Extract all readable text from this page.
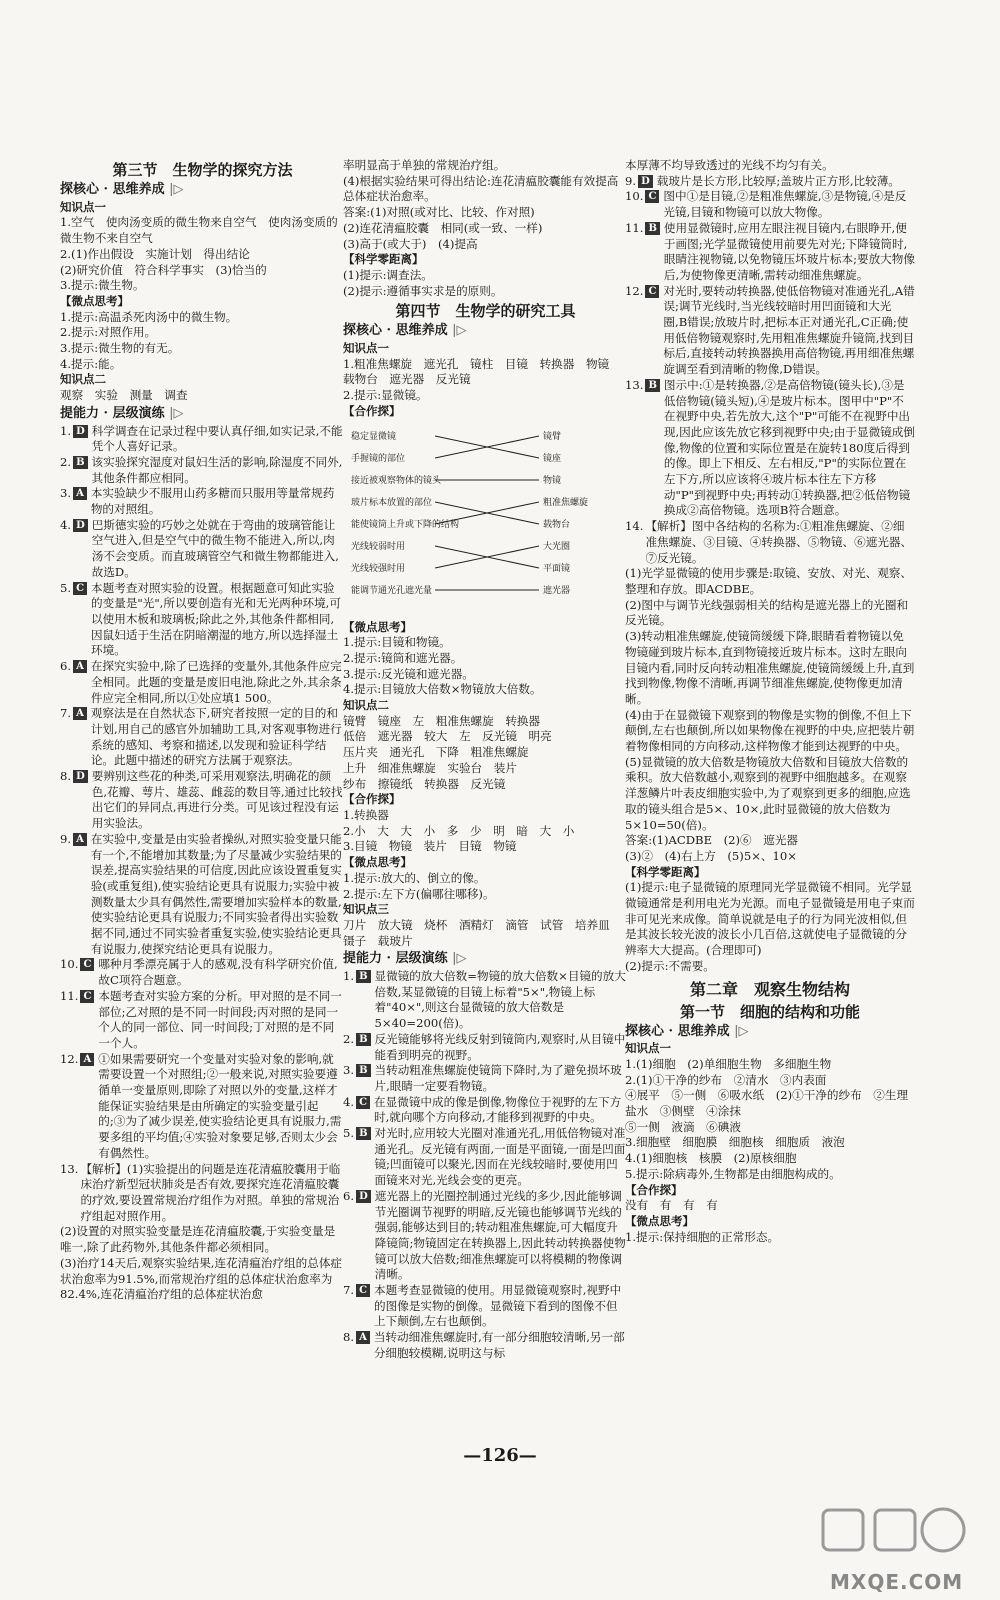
第三节　生物学的探究方法
探核心 · 思维养成 |▷
知识点一
1.空气　使肉汤变质的微生物来自空气　使肉汤变质的微生物不来自空气
2.(1)作出假设　实施计划　得出结论
(2)研究价值　符合科学事实　(3)恰当的
3.提示:微生物。
【微点思考】
1.提示:高温杀死肉汤中的微生物。
2.提示:对照作用。
3.提示:微生物的有无。
4.提示:能。
知识点二
观察　实验　测量　调查
提能力 · 层级演练 |▷
1. D 科学调查在记录过程中要认真仔细,如实记录,不能凭个人喜好记录。
2. B 该实验探究湿度对鼠妇生活的影响,除湿度不同外,其他条件都应相同。
3. A 本实验缺少不服用山药多糖而只服用等量常规药物的对照组。
4. D 巴斯德实验的巧妙之处就在于弯曲的玻璃管能让空气进入,但是空气中的微生物不能进入,所以,肉汤不会变质。而直玻璃管空气和微生物都能进入,故选D。
5. C 本题考查对照实验的设置。根据题意可知此实验的变量是"光",所以要创造有光和无光两种环境,可以使用木板和玻璃板;除此之外,其他条件都相同,因鼠妇适于生活在阴暗潮湿的地方,所以选择湿土环境。
6. A 在探究实验中,除了已选择的变量外,其他条件应完全相同。此题的变量是废旧电池,除此之外,其余条件应完全相同,所以①处应填1 500。
7. A 观察法是在自然状态下,研究者按照一定的目的和计划,用自己的感官外加辅助工具,对客观事物进行系统的感知、考察和描述,以发现和验证科学结论。此题中描述的研究方法属于观察法。
8. D 要辨别这些花的种类,可采用观察法,明确花的颜色,花瓣、萼片、雄蕊、雌蕊的数目等,通过比较找出它们的异同点,再进行分类。可见该过程没有运用实验法。
9. A 在实验中,变量是由实验者操纵,对照实验变量只能有一个,不能增加其数量;为了尽量减少实验结果的误差,提高实验结果的可信度,因此应该设置重复实验(或重复组),使实验结论更具有说服力;实验中被测数量太少具有偶然性,需要增加实验样本的数量,使实验结论更具有说服力;不同实验者得出实验数据不同,通过不同实验者重复实验,使实验结论更具有说服力,使探究结论更具有说服力。
10. C 哪种月季漂亮属于人的感观,没有科学研究价值,故C项符合题意。
11. C 本题考查对实验方案的分析。甲对照的是不同一部位;乙对照的是不同一时间段;丙对照的是同一个人的同一部位、同一时间段;丁对照的是不同一个人。
12. A ①如果需要研究一个变量对实验对象的影响,就需要设置一个对照组;②一般来说,对照实验要遵循单一变量原则,即除了对照以外的变量,这样才能保证实验结果是由所确定的实验变量引起的;③为了减少误差,使实验结论更具有说服力,需要多组的平均值;④实验对象要足够,否则太少会有偶然性。
13. 【解析】(1)实验提出的问题是连花清瘟胶囊用于临床治疗新型冠状肺炎是否有效,要探究连花清瘟胶囊的疗效,要设置常规治疗组作为对照。单独的常规治疗组起对照作用。
(2)设置的对照实验变量是连花清瘟胶囊,于实验变量是唯一,除了此药物外,其他条件都必须相同。
(3)治疗14天后,观察实验结果,连花清瘟治疗组的总体症状治愈率为91.5%,而常规治疗组的总体症状治愈率为82.4%,连花清瘟治疗组的总体症状治愈
率明显高于单独的常规治疗组。
(4)根据实验结果可得出结论:连花清瘟胶囊能有效提高总体症状治愈率。
答案:(1)对照(或对比、比较、作对照)
(2)连花清瘟胶囊　相同(或一致、一样)
(3)高于(或大于)　(4)提高
【科学零距离】
(1)提示:调查法。
(2)提示:遵循事实求是的原则。
第四节　生物学的研究工具
探核心 · 思维养成 |▷
知识点一
1.粗准焦螺旋　遮光孔　镜柱　目镜　转换器　物镜　载物台　遮光器　反光镜
2.提示:显微镜。
【合作探】
稳定显微镜
手握镜的部位
接近被观察物体的镜头
玻片标本放置的部位
能使镜筒上升或下降的结构
光线较弱时用
光线较强时用
能调节通光孔遮光量
镜臂
镜座
物镜
粗准焦螺旋
载物台
大光圈
平面镜
遮光器
【微点思考】
1.提示:目镜和物镜。
2.提示:镜筒和遮光器。
3.提示:反光镜和遮光器。
4.提示:目镜放大倍数×物镜放大倍数。
知识点二
镜臂　镜座　左　粗准焦螺旋　转换器
低倍　遮光器　较大　左　反光镜　明亮
压片夹　通光孔　下降　粗准焦螺旋
上升　细准焦螺旋　实验台　装片
纱布　擦镜纸　转换器　反光镜
【合作探】
1.转换器
2.小　大　大　小　多　少　明　暗　大　小
3.目镜　物镜　装片　目镜　物镜
【微点思考】
1.提示:放大的、倒立的像。
2.提示:左下方(偏哪往哪移)。
知识点三
刀片　放大镜　烧杯　酒精灯　滴管　试管　培养皿　镊子　载玻片
提能力 · 层级演练 |▷
1. B 显微镜的放大倍数=物镜的放大倍数×目镜的放大倍数,某显微镜的目镜上标着"5×",物镜上标着"40×",则这台显微镜的放大倍数是5×40=200(倍)。
2. B 反光镜能够将光线反射到镜筒内,观察时,从目镜中能看到明亮的视野。
3. B 当转动粗准焦螺旋使镜筒下降时,为了避免损坏玻片,眼睛一定要看物镜。
4. C 在显微镜中成的像是倒像,物像位于视野的左下方时,就向哪个方向移动,才能移到视野的中央。
5. B 对光时,应用较大光圈对准通光孔,用低倍物镜对准通光孔。反光镜有两面,一面是平面镜,一面是凹面镜;凹面镜可以聚光,因而在光线较暗时,要使用凹面镜来对光,光线会变的更亮。
6. D 遮光器上的光圈控制通过光线的多少,因此能够调节光圈调节视野的明暗,反光镜也能够调节光线的强弱,能够达到目的;转动粗准焦螺旋,可大幅度升降镜筒;物镜固定在转换器上,因此转动转换器使物镜可以放大倍数;细准焦螺旋可以将模糊的物像调清晰。
7. C 本题考查显微镜的使用。用显微镜观察时,视野中的图像是实物的倒像。显微镜下看到的图像不但上下颠倒,左右也颠倒。
8. A 当转动细准焦螺旋时,有一部分细胞较清晰,另一部分细胞较模糊,说明这与标
本厚薄不均导致透过的光线不均匀有关。
9. D 载玻片是长方形,比较厚;盖玻片正方形,比较薄。
10. C 图中①是目镜,②是粗准焦螺旋,③是物镜,④是反光镜,目镜和物镜可以放大物像。
11. B 使用显微镜时,应用左眼注视目镜内,右眼睁开,便于画图;光学显微镜使用前要先对光;下降镜筒时,眼睛注视物镜,以免物镜压坏玻片标本;要放大物像后,为使物像更清晰,需转动细准焦螺旋。
12. C 对光时,要转动转换器,使低倍物镜对准通光孔,A错误;调节光线时,当光线较暗时用凹面镜和大光圈,B错误;放玻片时,把标本正对通光孔,C正确;使用低倍物镜观察时,先用粗准焦螺旋升镜筒,找到目标后,直接转动转换器换用高倍物镜,再用细准焦螺旋调至看到清晰的物像,D错误。
13. B 图示中:①是转换器,②是高倍物镜(镜头长),③是低倍物镜(镜头短),④是玻片标本。图甲中"P"不在视野中央,若先放大,这个"P"可能不在视野中出现,因此应该先放它移到视野中央;由于显微镜成倒像,物像的位置和实际位置是在旋转180度后得到的像。即上下相反、左右相反,"P"的实际位置在左下方,所以应该将④玻片标本往左下方移动"P"到视野中央;再转动①转换器,把②低倍物镜换成②高倍物镜。选项B符合题意。
14. 【解析】图中各结构的名称为:①粗准焦螺旋、②细准焦螺旋、③目镜、④转换器、⑤物镜、⑥遮光器、⑦反光镜。
(1)光学显微镜的使用步骤是:取镜、安放、对光、观察、整理和存放。即ACDBE。
(2)图中与调节光线强弱相关的结构是遮光器上的光圈和反光镜。
(3)转动粗准焦螺旋,使镜筒缓缓下降,眼睛看着物镜以免物镜碰到玻片标本,直到物镜接近玻片标本。这时左眼向目镜内看,同时反向转动粗准焦螺旋,使镜筒缓缓上升,直到找到物像,物像不清晰,再调节细准焦螺旋,使物像更加清晰。
(4)由于在显微镜下观察到的物像是实物的倒像,不但上下颠倒,左右也颠倒,所以如果物像在视野的中央,应把装片朝着物像相同的方向移动,这样物像才能到达视野的中央。
(5)显微镜的放大倍数是物镜放大倍数和目镜放大倍数的乘积。放大倍数越小,观察到的视野中细胞越多。在观察洋葱鳞片叶表皮细胞实验中,为了观察到更多的细胞,应选取的镜头组合是5×、10×,此时显微镜的放大倍数为5×10=50(倍)。
答案:(1)ACDBE　(2)⑥　遮光器
(3)②　(4)右上方　(5)5×、10×
【科学零距离】
(1)提示:电子显微镜的原理同光学显微镜不相同。光学显微镜通常是利用电光为光源。而电子显微镜是用电子束而非可见光来成像。简单说就是电子的行为同光波相似,但是其波长较光波的波长小几百倍,这就使电子显微镜的分辨率大大提高。(合理即可)
(2)提示:不需要。
第二章　观察生物结构
第一节　细胞的结构和功能
探核心 · 思维养成 |▷
知识点一
1.(1)细胞　(2)单细胞生物　多细胞生物
2.(1)①干净的纱布　②清水　③内表面
④展平　⑤一侧　⑥吸水纸　(2)①干净的纱布　②生理盐水　③侧壁　④涂抹
⑤一侧　液滴　⑥碘液
3.细胞壁　细胞膜　细胞核　细胞质　液泡
4.(1)细胞核　核膜　(2)原核细胞
5.提示:除病毒外,生物都是由细胞构成的。
【合作探】
没有　有　有　有
【微点思考】
1.提示:保持细胞的正常形态。
—126—
MXQE.COM
